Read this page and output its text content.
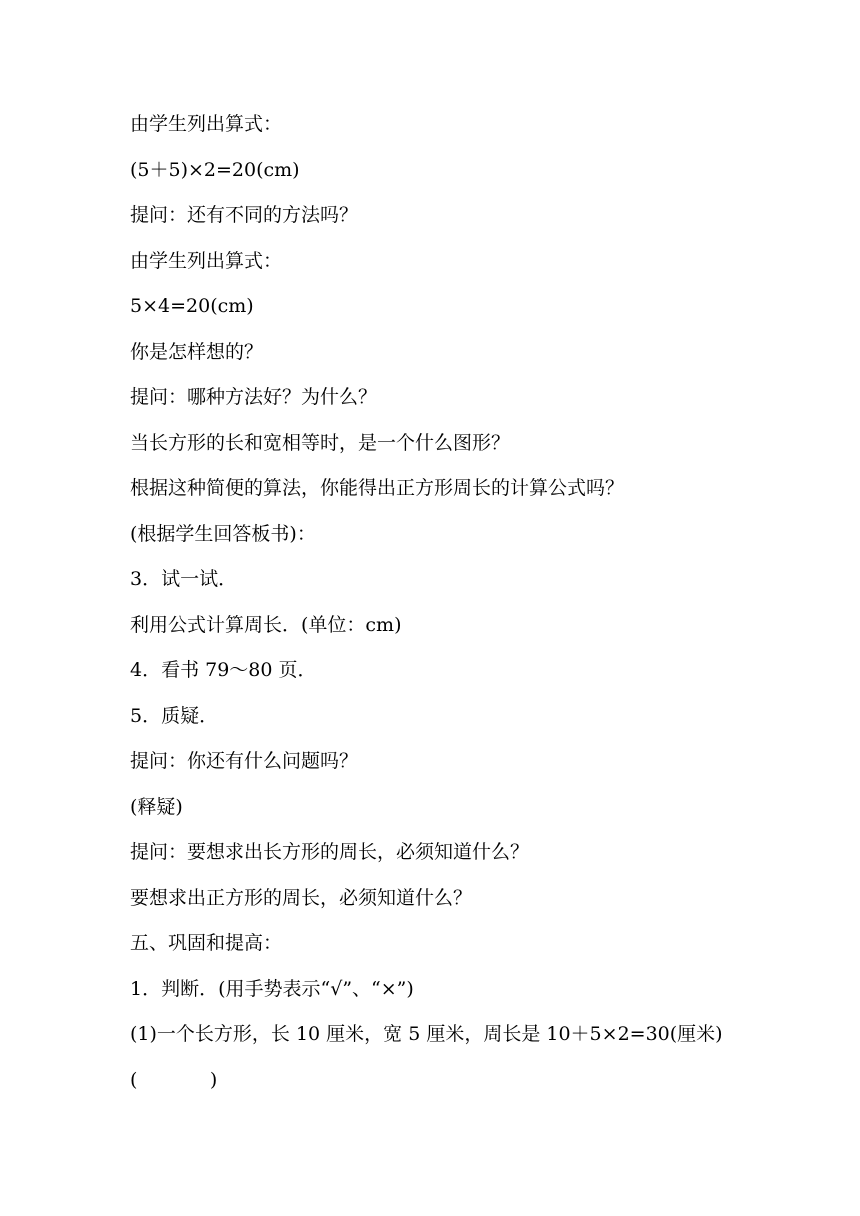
由学生列出算式：
(5＋5)×2=20(cm)
提问：还有不同的方法吗？
由学生列出算式：
5×4=20(cm)
你是怎样想的？
提问：哪种方法好？为什么？
当长方形的长和宽相等时，是一个什么图形？
根据这种简便的算法，你能得出正方形周长的计算公式吗？
(根据学生回答板书)：
3．试一试．
利用公式计算周长．(单位：cm)
4．看书 79～80 页．
5．质疑．
提问：你还有什么问题吗？
(释疑)
提问：要想求出长方形的周长，必须知道什么？
要想求出正方形的周长，必须知道什么？
五、巩固和提高：
1．判断．(用手势表示“√”、“×”)
(1)一个长方形，长 10 厘米，宽 5 厘米，周长是 10＋5×2=30(厘米)
(            )
